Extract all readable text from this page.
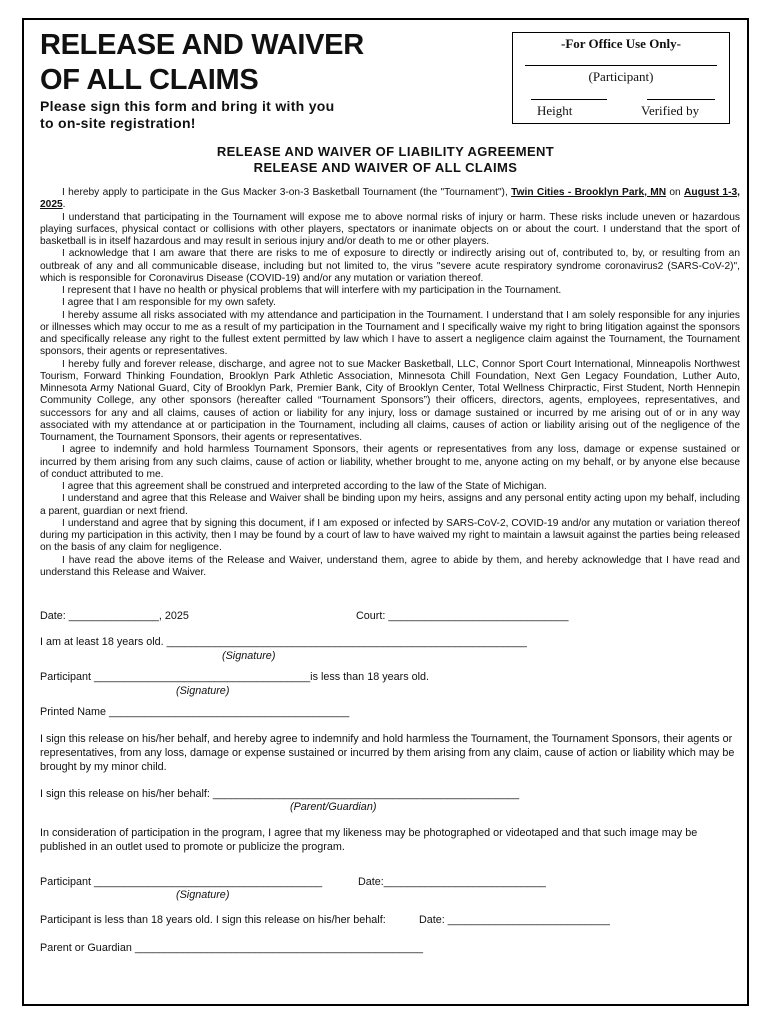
RELEASE AND WAIVER
OF ALL CLAIMS
Please sign this form and bring it with you
to on-site registration!
-For Office Use Only-
(Participant)
Height	Verified by
RELEASE AND WAIVER OF LIABILITY AGREEMENT
RELEASE AND WAIVER OF ALL CLAIMS

I hereby apply to participate in the Gus Macker 3-on-3 Basketball Tournament (the "Tournament"), Twin Cities - Brooklyn Park, MN on August 1-3, 2025.

I understand that participating in the Tournament will expose me to above normal risks of injury or harm. These risks include uneven or hazardous playing surfaces, physical contact or collisions with other players, spectators or inanimate objects on or about the court. I understand that the sport of basketball is in itself hazardous and may result in serious injury and/or death to me or other players.

I acknowledge that I am aware that there are risks to me of exposure to directly or indirectly arising out of, contributed to, by, or resulting from an outbreak of any and all communicable disease, including but not limited to, the virus "severe acute respiratory syndrome coronavirus2 (SARS-CoV-2)", which is responsible for Coronavirus Disease (COVID-19) and/or any mutation or variation thereof.

I represent that I have no health or physical problems that will interfere with my participation in the Tournament.

I agree that I am responsible for my own safety.

I hereby assume all risks associated with my attendance and participation in the Tournament. I understand that I am solely responsible for any injuries or illnesses which may occur to me as a result of my participation in the Tournament and I specifically waive my right to bring litigation against the sponsors and specifically release any right to the fullest extent permitted by law which I have to assert a negligence claim against the Tournament, the Tournament sponsors, their agents or representatives.

I hereby fully and forever release, discharge, and agree not to sue Macker Basketball, LLC, Connor Sport Court International, Minneapolis Northwest Tourism, Forward Thinking Foundation, Brooklyn Park Athletic Association, Minnesota Chill Foundation, Next Gen Legacy Foundation, Luther Auto, Minnesota Army National Guard, City of Brooklyn Park, Premier Bank, City of Brooklyn Center, Total Wellness Chirpractic, First Student, North Hennepin Community College, any other sponsors (hereafter called “Tournament Sponsors”) their officers, directors, agents, employees, representatives, and successors for any and all claims, causes of action or liability for any injury, loss or damage sustained or incurred by me arising out of or in any way associated with my attendance at or participation in the Tournament, including all claims, causes of action or liability arising out of the negligence of the Tournament, the Tournament Sponsors, their agents or representatives.

I agree to indemnify and hold harmless Tournament Sponsors, their agents or representatives from any loss, damage or expense sustained or incurred by them arising from any such claims, cause of action or liability, whether brought to me, anyone acting on my behalf, or by anyone else because of conduct attributed to me.

I agree that this agreement shall be construed and interpreted according to the law of the State of Michigan.

I understand and agree that this Release and Waiver shall be binding upon my heirs, assigns and any personal entity acting upon my behalf, including a parent, guardian or next friend.

I understand and agree that by signing this document, if I am exposed or infected by SARS-CoV-2, COVID-19 and/or any mutation or variation thereof during my participation in this activity, then I may be found by a court of law to have waived my right to maintain a lawsuit against the parties being released on the basis of any claim for negligence.

I have read the above items of the Release and Waiver, understand them, agree to abide by them, and hereby acknowledge that I have read and understand this Release and Waiver.

Date: _______________, 2025	Court: ______________________________
I am at least 18 years old. ____________________________________________________________
(Signature)
Participant ____________________________________is less than 18 years old.
(Signature)
Printed Name ________________________________________
I sign this release on his/her behalf, and hereby agree to indemnify and hold harmless the Tournament, the Tournament Sponsors, their agents or representatives, from any loss, damage or expense sustained or incurred by them arising from any claim, cause of action or liability which may be brought by my minor child.
I sign this release on his/her behalf: ___________________________________________________
(Parent/Guardian)
In consideration of participation in the program, I agree that my likeness may be photographed or videotaped and that such image may be published in an outlet used to promote or publicize the program.
Participant ______________________________________	Date:___________________________
(Signature)
Participant is less than 18 years old. I sign this release on his/her behalf:	Date: ___________________________
Parent or Guardian ________________________________________________
